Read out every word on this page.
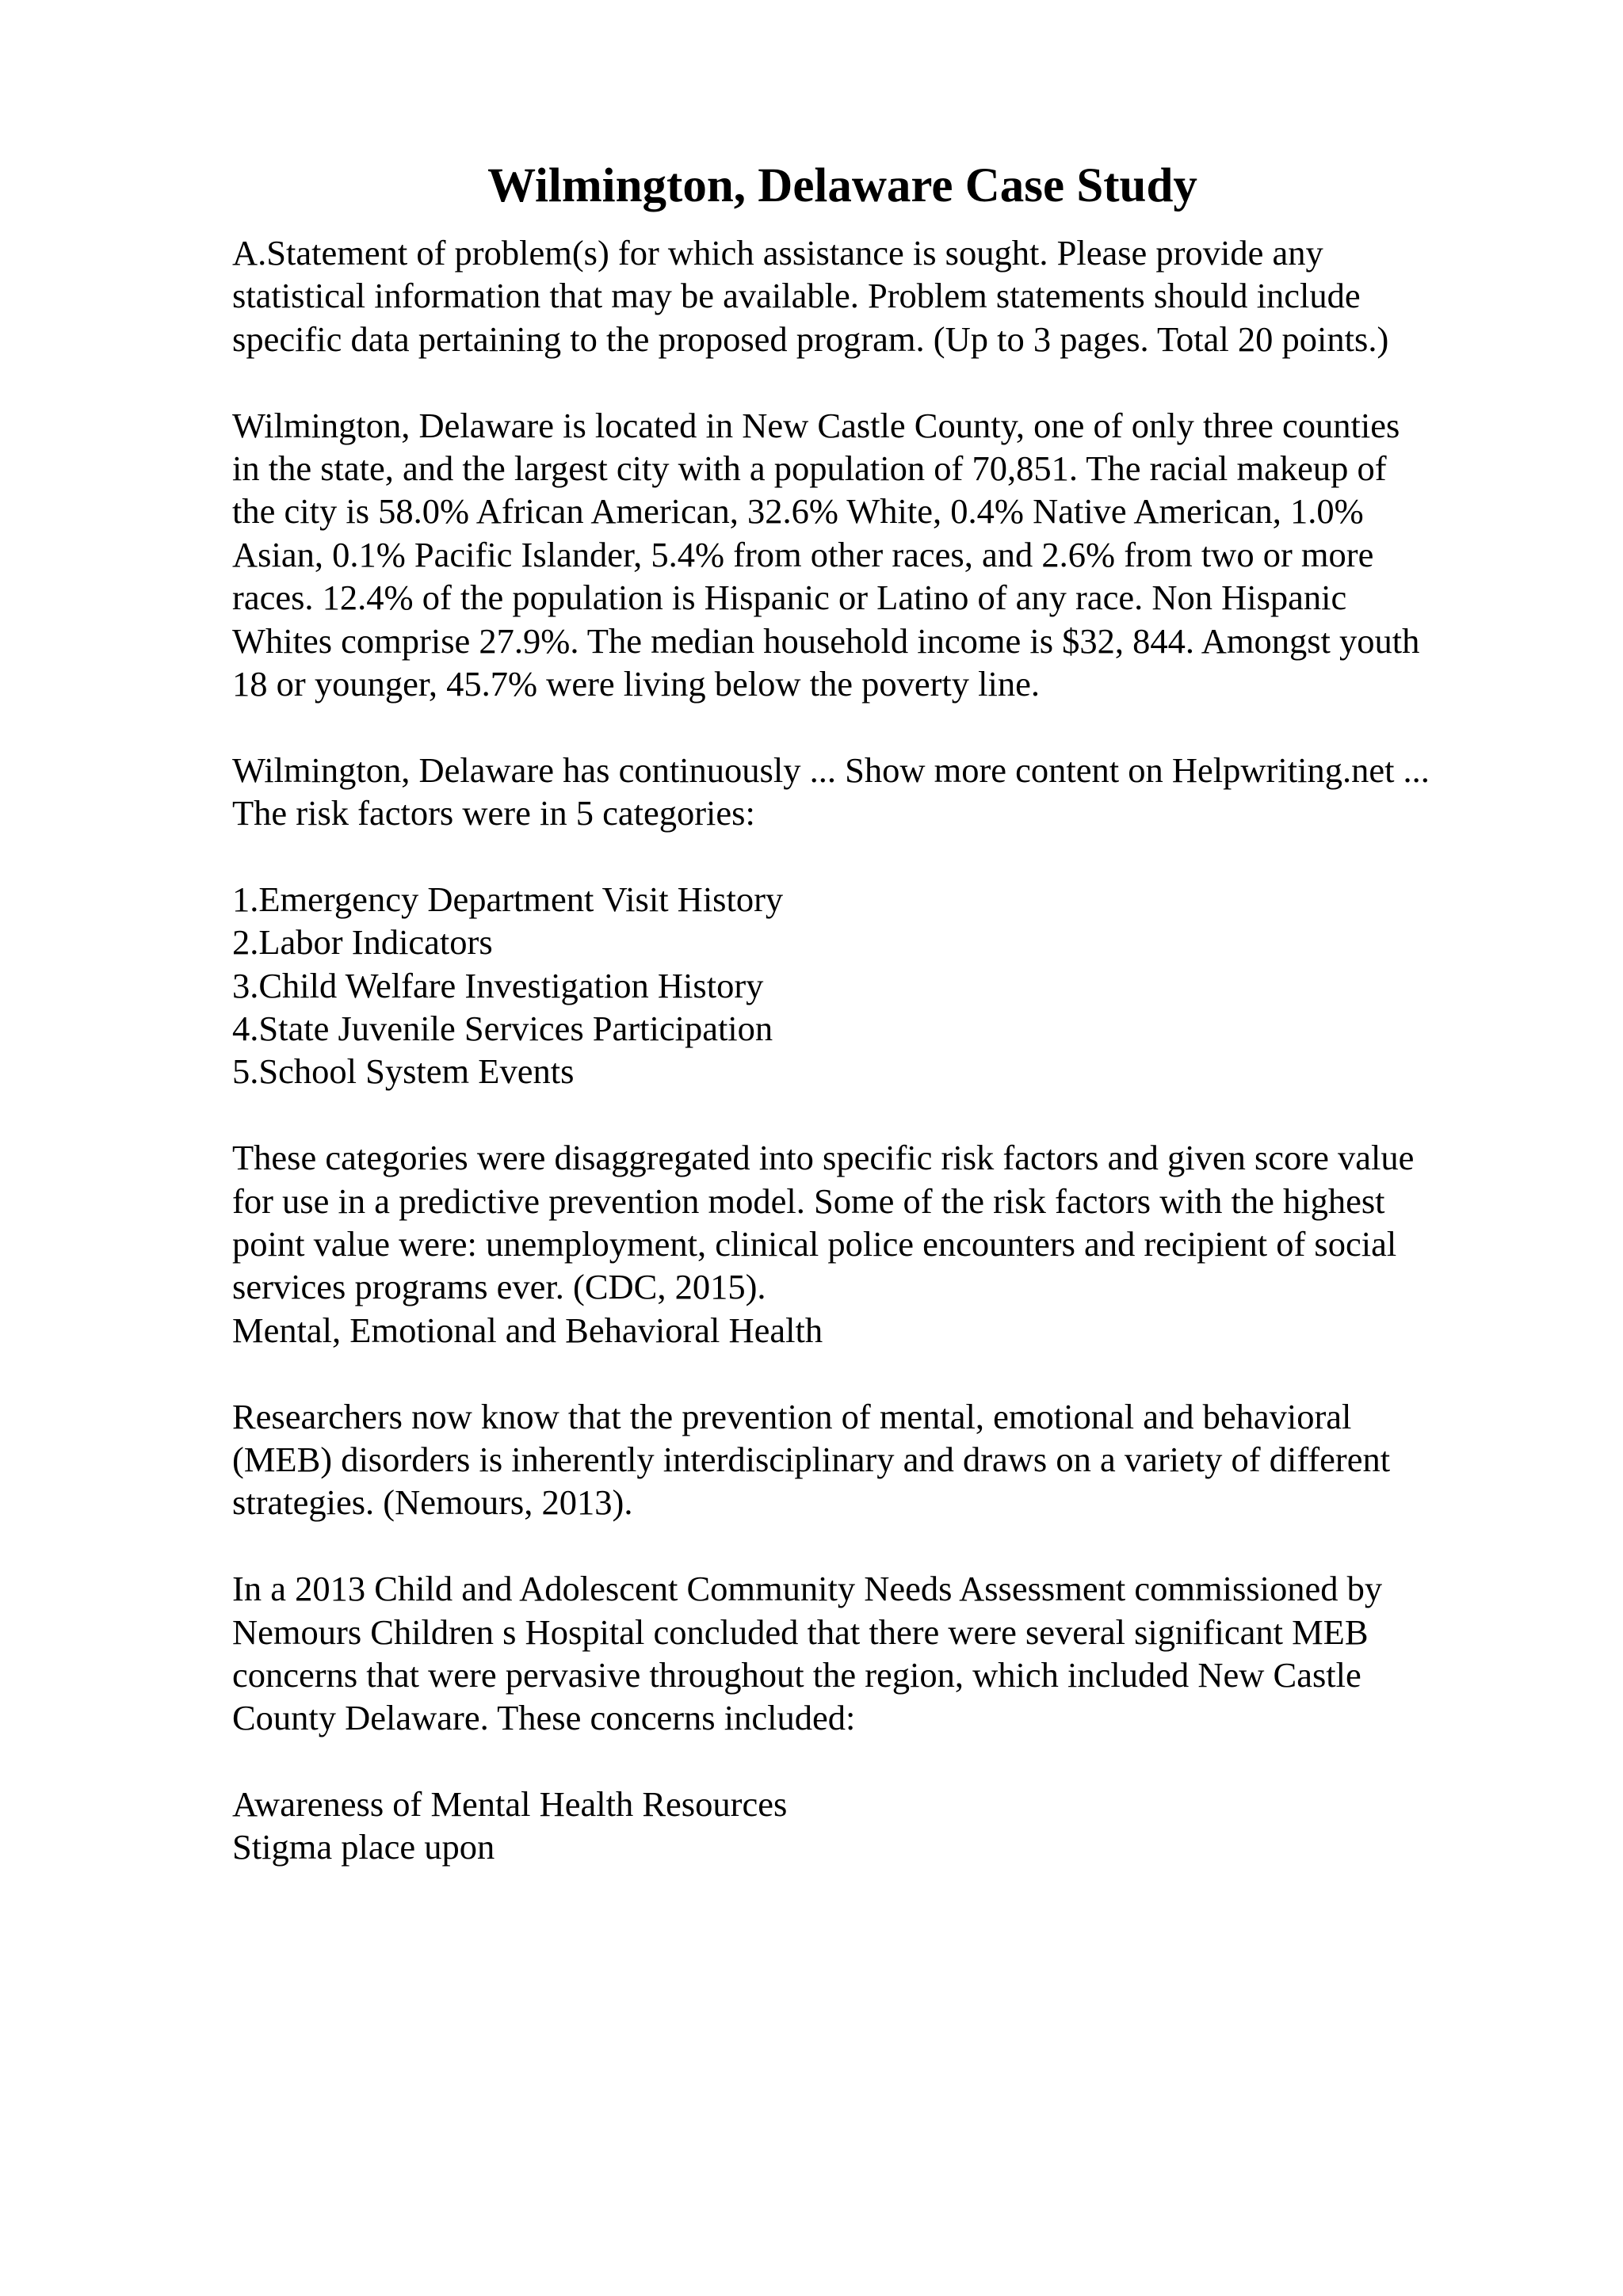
Wilmington, Delaware Case Study

A.Statement of problem(s) for which assistance is sought. Please provide any
statistical information that may be available. Problem statements should include
specific data pertaining to the proposed program. (Up to 3 pages. Total 20 points.)

Wilmington, Delaware is located in New Castle County, one of only three counties
in the state, and the largest city with a population of 70,851. The racial makeup of
the city is 58.0% African American, 32.6% White, 0.4% Native American, 1.0%
Asian, 0.1% Pacific Islander, 5.4% from other races, and 2.6% from two or more
races. 12.4% of the population is Hispanic or Latino of any race. Non Hispanic
Whites comprise 27.9%. The median household income is $32, 844. Amongst youth
18 or younger, 45.7% were living below the poverty line.

Wilmington, Delaware has continuously ... Show more content on Helpwriting.net ...
The risk factors were in 5 categories:

1.Emergency Department Visit History
2.Labor Indicators
3.Child Welfare Investigation History
4.State Juvenile Services Participation
5.School System Events

These categories were disaggregated into specific risk factors and given score value
for use in a predictive prevention model. Some of the risk factors with the highest
point value were: unemployment, clinical police encounters and recipient of social
services programs ever. (CDC, 2015).
Mental, Emotional and Behavioral Health

Researchers now know that the prevention of mental, emotional and behavioral
(MEB) disorders is inherently interdisciplinary and draws on a variety of different
strategies. (Nemours, 2013).

In a 2013 Child and Adolescent Community Needs Assessment commissioned by
Nemours Children s Hospital concluded that there were several significant MEB
concerns that were pervasive throughout the region, which included New Castle
County Delaware. These concerns included:

Awareness of Mental Health Resources
Stigma place upon
